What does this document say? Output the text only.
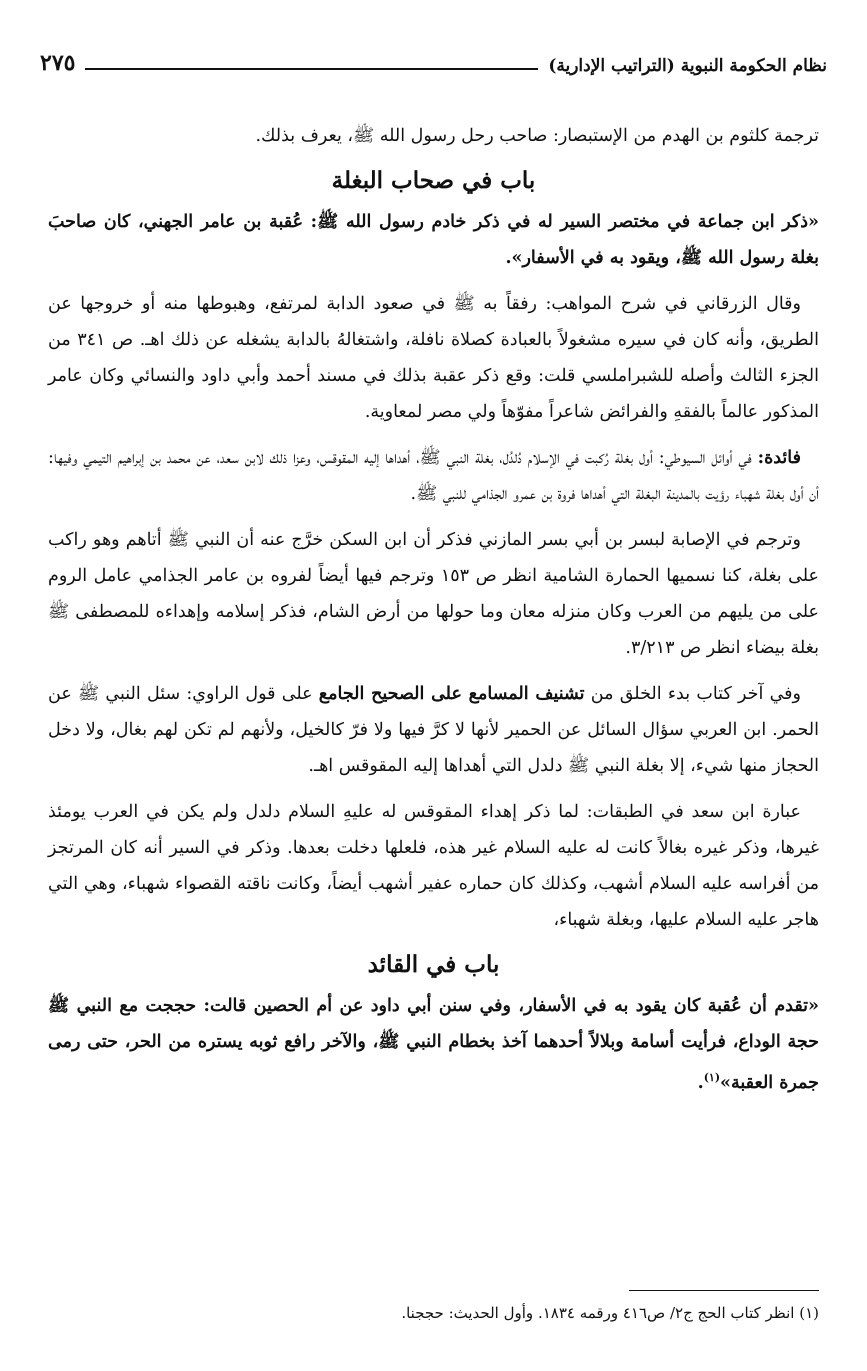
نظام الحكومة النبوية (التراتيب الإدارية)
٢٧٥

ترجمة كلثوم بن الهدم من الإستبصار: صاحب رحل رسول الله ﷺ، يعرف بذلك.

باب في صحاب البغلة

«ذكر ابن جماعة في مختصر السير له في ذكر خادم رسول الله ﷺ: عُقبة بن عامر الجهني، كان صاحبَ بغلة رسول الله ﷺ، ويقود به في الأسفار».

وقال الزرقاني في شرح المواهب: رفقاً به ﷺ في صعود الدابة لمرتفع، وهبوطها منه أو خروجها عن الطريق، وأنه كان في سيره مشغولاً بالعبادة كصلاة نافلة، واشتغالهُ بالدابة يشغله عن ذلك اهـ. ص ٣٤١ من الجزء الثالث وأصله للشبراملسي قلت: وقع ذكر عقبة بذلك في مسند أحمد وأبي داود والنسائي وكان عامر المذكور عالماً بالفقهِ والفرائض شاعراً مفوّهاً ولي مصر لمعاوية.

فائدة: في أوائل السيوطي: أول بغلة رُكبت في الإسلام دُلدُل، بغلة النبي ﷺ، أهداها إليه المقوقس، وعزا ذلك لابن سعد، عن محمد بن إبراهيم التيمي وفيها: أن أول بغلة شهباء رؤيت بالمدينة البغلة التي أهداها فروة بن عمرو الجذامي للنبي ﷺ.

وترجم في الإصابة لبسر بن أبي بسر المازني فذكر أن ابن السكن خرَّج عنه أن النبي ﷺ أتاهم وهو راكب على بغلة، كنا نسميها الحمارة الشامية انظر ص ١٥٣ وترجم فيها أيضاً لفروه بن عامر الجذامي عامل الروم على من يليهم من العرب وكان منزله معان وما حولها من أرض الشام، فذكر إسلامه وإهداءه للمصطفى ﷺ بغلة بيضاء انظر ص ٣/٢١٣.

وفي آخر كتاب بدء الخلق من تشنيف المسامع على الصحيح الجامع على قول الراوي: سئل النبي ﷺ عن الحمر. ابن العربي سؤال السائل عن الحمير لأنها لا كرَّ فيها ولا فرّ كالخيل، ولأنهم لم تكن لهم بغال، ولا دخل الحجاز منها شيء، إلا بغلة النبي ﷺ دلدل التي أهداها إليه المقوقس اهـ.

عبارة ابن سعد في الطبقات: لما ذكر إهداء المقوقس له عليهِ السلام دلدل ولم يكن في العرب يومئذ غيرها، وذكر غيره بغالاً كانت له عليه السلام غير هذه، فلعلها دخلت بعدها. وذكر في السير أنه كان المرتجز من أفراسه عليه السلام أشهب، وكذلك كان حماره عفير أشهب أيضاً، وكانت ناقته القصواء شهباء، وهي التي هاجر عليه السلام عليها، وبغلة شهباء،

باب في القائد

«تقدم أن عُقبة كان يقود به في الأسفار، وفي سنن أبي داود عن أم الحصين قالت: حججت مع النبي ﷺ حجة الوداع، فرأيت أسامة وبلالاً أحدهما آخذ بخطام النبي ﷺ، والآخر رافع ثوبه يستره من الحر، حتى رمى جمرة العقبة»$^{(١)}$.

(١) انظر كتاب الحج ج٢/ ص٤١٦ ورقمه ١٨٣٤. وأول الحديث: حججنا.
